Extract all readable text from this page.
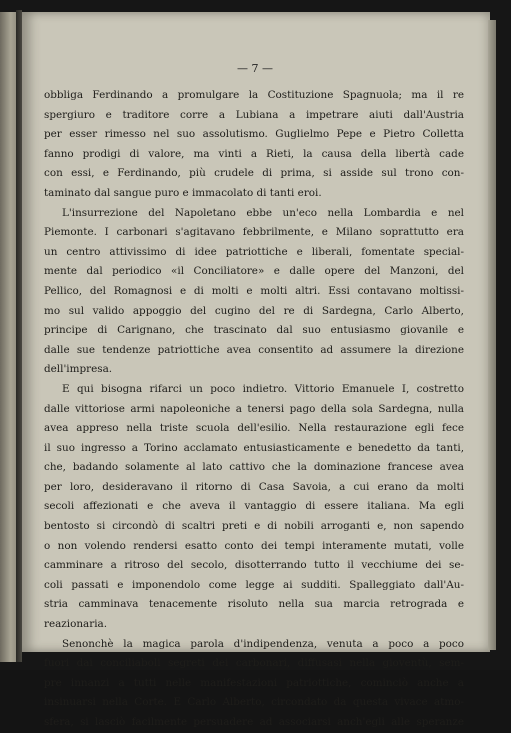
— 7 —
obbliga Ferdinando a promulgare la Costituzione Spagnuola; ma il re
spergiuro e traditore corre a Lubiana a impetrare aiuti dall'Austria
per esser rimesso nel suo assolutismo. Guglielmo Pepe e Pietro Colletta
fanno prodigi di valore, ma vinti a Rieti, la causa della libertà cade
con essi, e Ferdinando, più crudele di prima, si asside sul trono con-
taminato dal sangue puro e immacolato di tanti eroi.
L'insurrezione del Napoletano ebbe un'eco nella Lombardia e nel
Piemonte. I carbonari s'agitavano febbrilmente, e Milano soprattutto era
un centro attivissimo di idee patriottiche e liberali, fomentate special-
mente dal periodico «il Conciliatore» e dalle opere del Manzoni, del
Pellico, del Romagnosi e di molti e molti altri. Essi contavano moltissi-
mo sul valido appoggio del cugino del re di Sardegna, Carlo Alberto,
principe di Carignano, che trascinato dal suo entusiasmo giovanile e
dalle sue tendenze patriottiche avea consentito ad assumere la direzione
dell'impresa.
E qui bisogna rifarci un poco indietro. Vittorio Emanuele I, costretto
dalle vittoriose armi napoleoniche a tenersi pago della sola Sardegna, nulla
avea appreso nella triste scuola dell'esilio. Nella restaurazione egli fece
il suo ingresso a Torino acclamato entusiasticamente e benedetto da tanti,
che, badando solamente al lato cattivo che la dominazione francese avea
per loro, desideravano il ritorno di Casa Savoia, a cui erano da molti
secoli affezionati e che aveva il vantaggio di essere italiana. Ma egli
bentosto si circondò di scaltri preti e di nobili arroganti e, non sapendo
o non volendo rendersi esatto conto dei tempi interamente mutati, volle
camminare a ritroso del secolo, disotterrando tutto il vecchiume dei se-
coli passati e imponendolo come legge ai sudditi. Spalleggiato dall'Au-
stria camminava tenacemente risoluto nella sua marcia retrograda e
reazionaria.
Senonchè la magica parola d'indipendenza, venuta a poco a poco
fuori dai conciliaboli segreti dei carbonari, diffusasi nella gioventù, sem-
pre innanzi a tutti nelle manifestazioni patriottiche, cominciò anche a
insinuarsi nella Corte. E Carlo Alberto, circondato da questa vivace atmo-
sfera, si lasciò facilmente persuadere ad associarsi anch'egli alle speranze
